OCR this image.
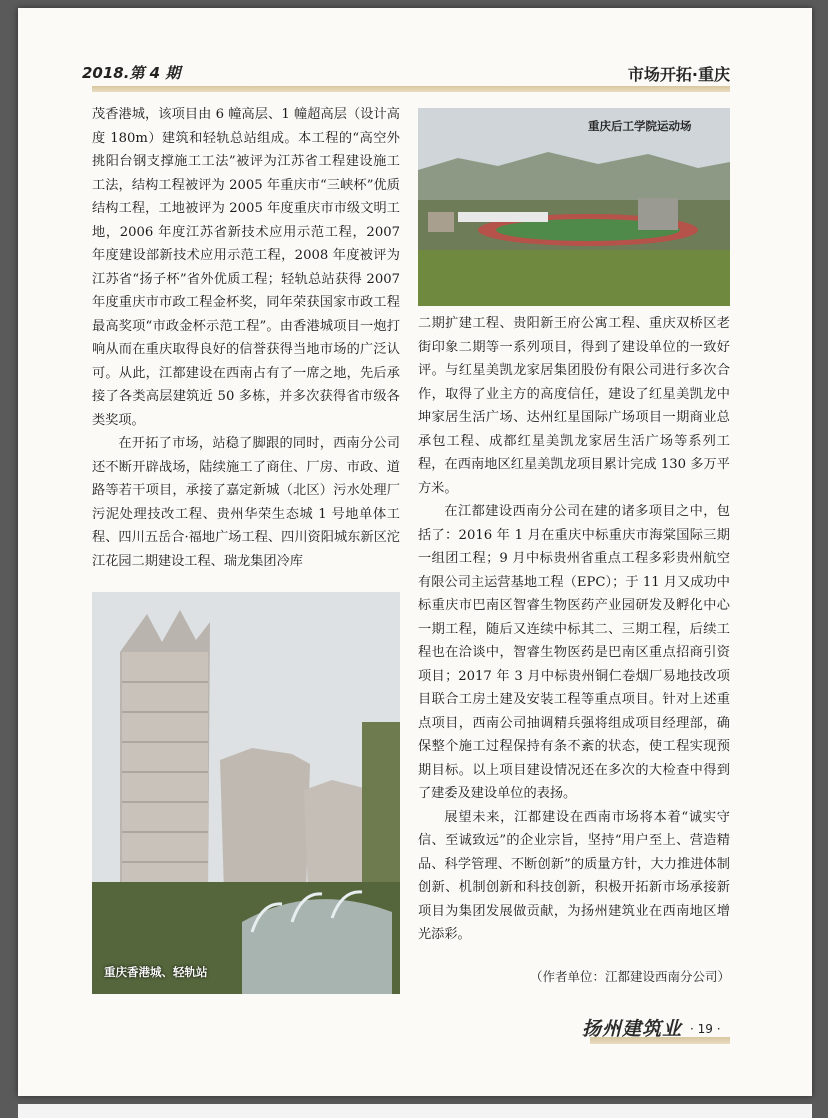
2018.第 4 期	市场开拓·重庆

茂香港城，该项目由 6 幢高层、1 幢超高层（设计高度 180m）建筑和轻轨总站组成。本工程的“高空外挑阳台钢支撑施工工法”被评为江苏省工程建设施工工法，结构工程被评为 2005 年重庆市“三峡杯”优质结构工程，工地被评为 2005 年度重庆市市级文明工地，2006 年度江苏省新技术应用示范工程，2007 年度建设部新技术应用示范工程，2008 年度被评为江苏省“扬子杯”省外优质工程；轻轨总站获得 2007 年度重庆市市政工程金杯奖，同年荣获国家市政工程最高奖项“市政金杯示范工程”。由香港城项目一炮打响从而在重庆取得良好的信誉获得当地市场的广泛认可。从此，江都建设在西南占有了一席之地，先后承接了各类高层建筑近 50 多栋，并多次获得省市级各类奖项。

在开拓了市场，站稳了脚跟的同时，西南分公司还不断开辟战场，陆续施工了商住、厂房、市政、道路等若干项目，承接了嘉定新城（北区）污水处理厂污泥处理技改工程、贵州华荣生态城 1 号地单体工程、四川五岳合·福地广场工程、四川资阳城东新区沱江花园二期建设工程、瑞龙集团冷库

重庆后工学院运动场
重庆香港城、轻轨站

二期扩建工程、贵阳新王府公寓工程、重庆双桥区老街印象二期等一系列项目，得到了建设单位的一致好评。与红星美凯龙家居集团股份有限公司进行多次合作，取得了业主方的高度信任，建设了红星美凯龙中坤家居生活广场、达州红星国际广场项目一期商业总承包工程、成都红星美凯龙家居生活广场等系列工程，在西南地区红星美凯龙项目累计完成 130 多万平方米。

在江都建设西南分公司在建的诸多项目之中，包括了：2016 年 1 月在重庆中标重庆市海棠国际三期一组团工程；9 月中标贵州省重点工程多彩贵州航空有限公司主运营基地工程（EPC）；于 11 月又成功中标重庆市巴南区智睿生物医药产业园研发及孵化中心一期工程，随后又连续中标其二、三期工程，后续工程也在洽谈中，智睿生物医药是巴南区重点招商引资项目；2017 年 3 月中标贵州铜仁卷烟厂易地技改项目联合工房土建及安装工程等重点项目。针对上述重点项目，西南公司抽调精兵强将组成项目经理部，确保整个施工过程保持有条不紊的状态，使工程实现预期目标。以上项目建设情况还在多次的大检查中得到了建委及建设单位的表扬。

展望未来，江都建设在西南市场将本着“诚实守信、至诚致远”的企业宗旨，坚持“用户至上、营造精品、科学管理、不断创新”的质量方针，大力推进体制创新、机制创新和科技创新，积极开拓新市场承接新项目为集团发展做贡献，为扬州建筑业在西南地区增光添彩。

（作者单位：江都建设西南分公司）
扬州建筑业 · 19 ·
